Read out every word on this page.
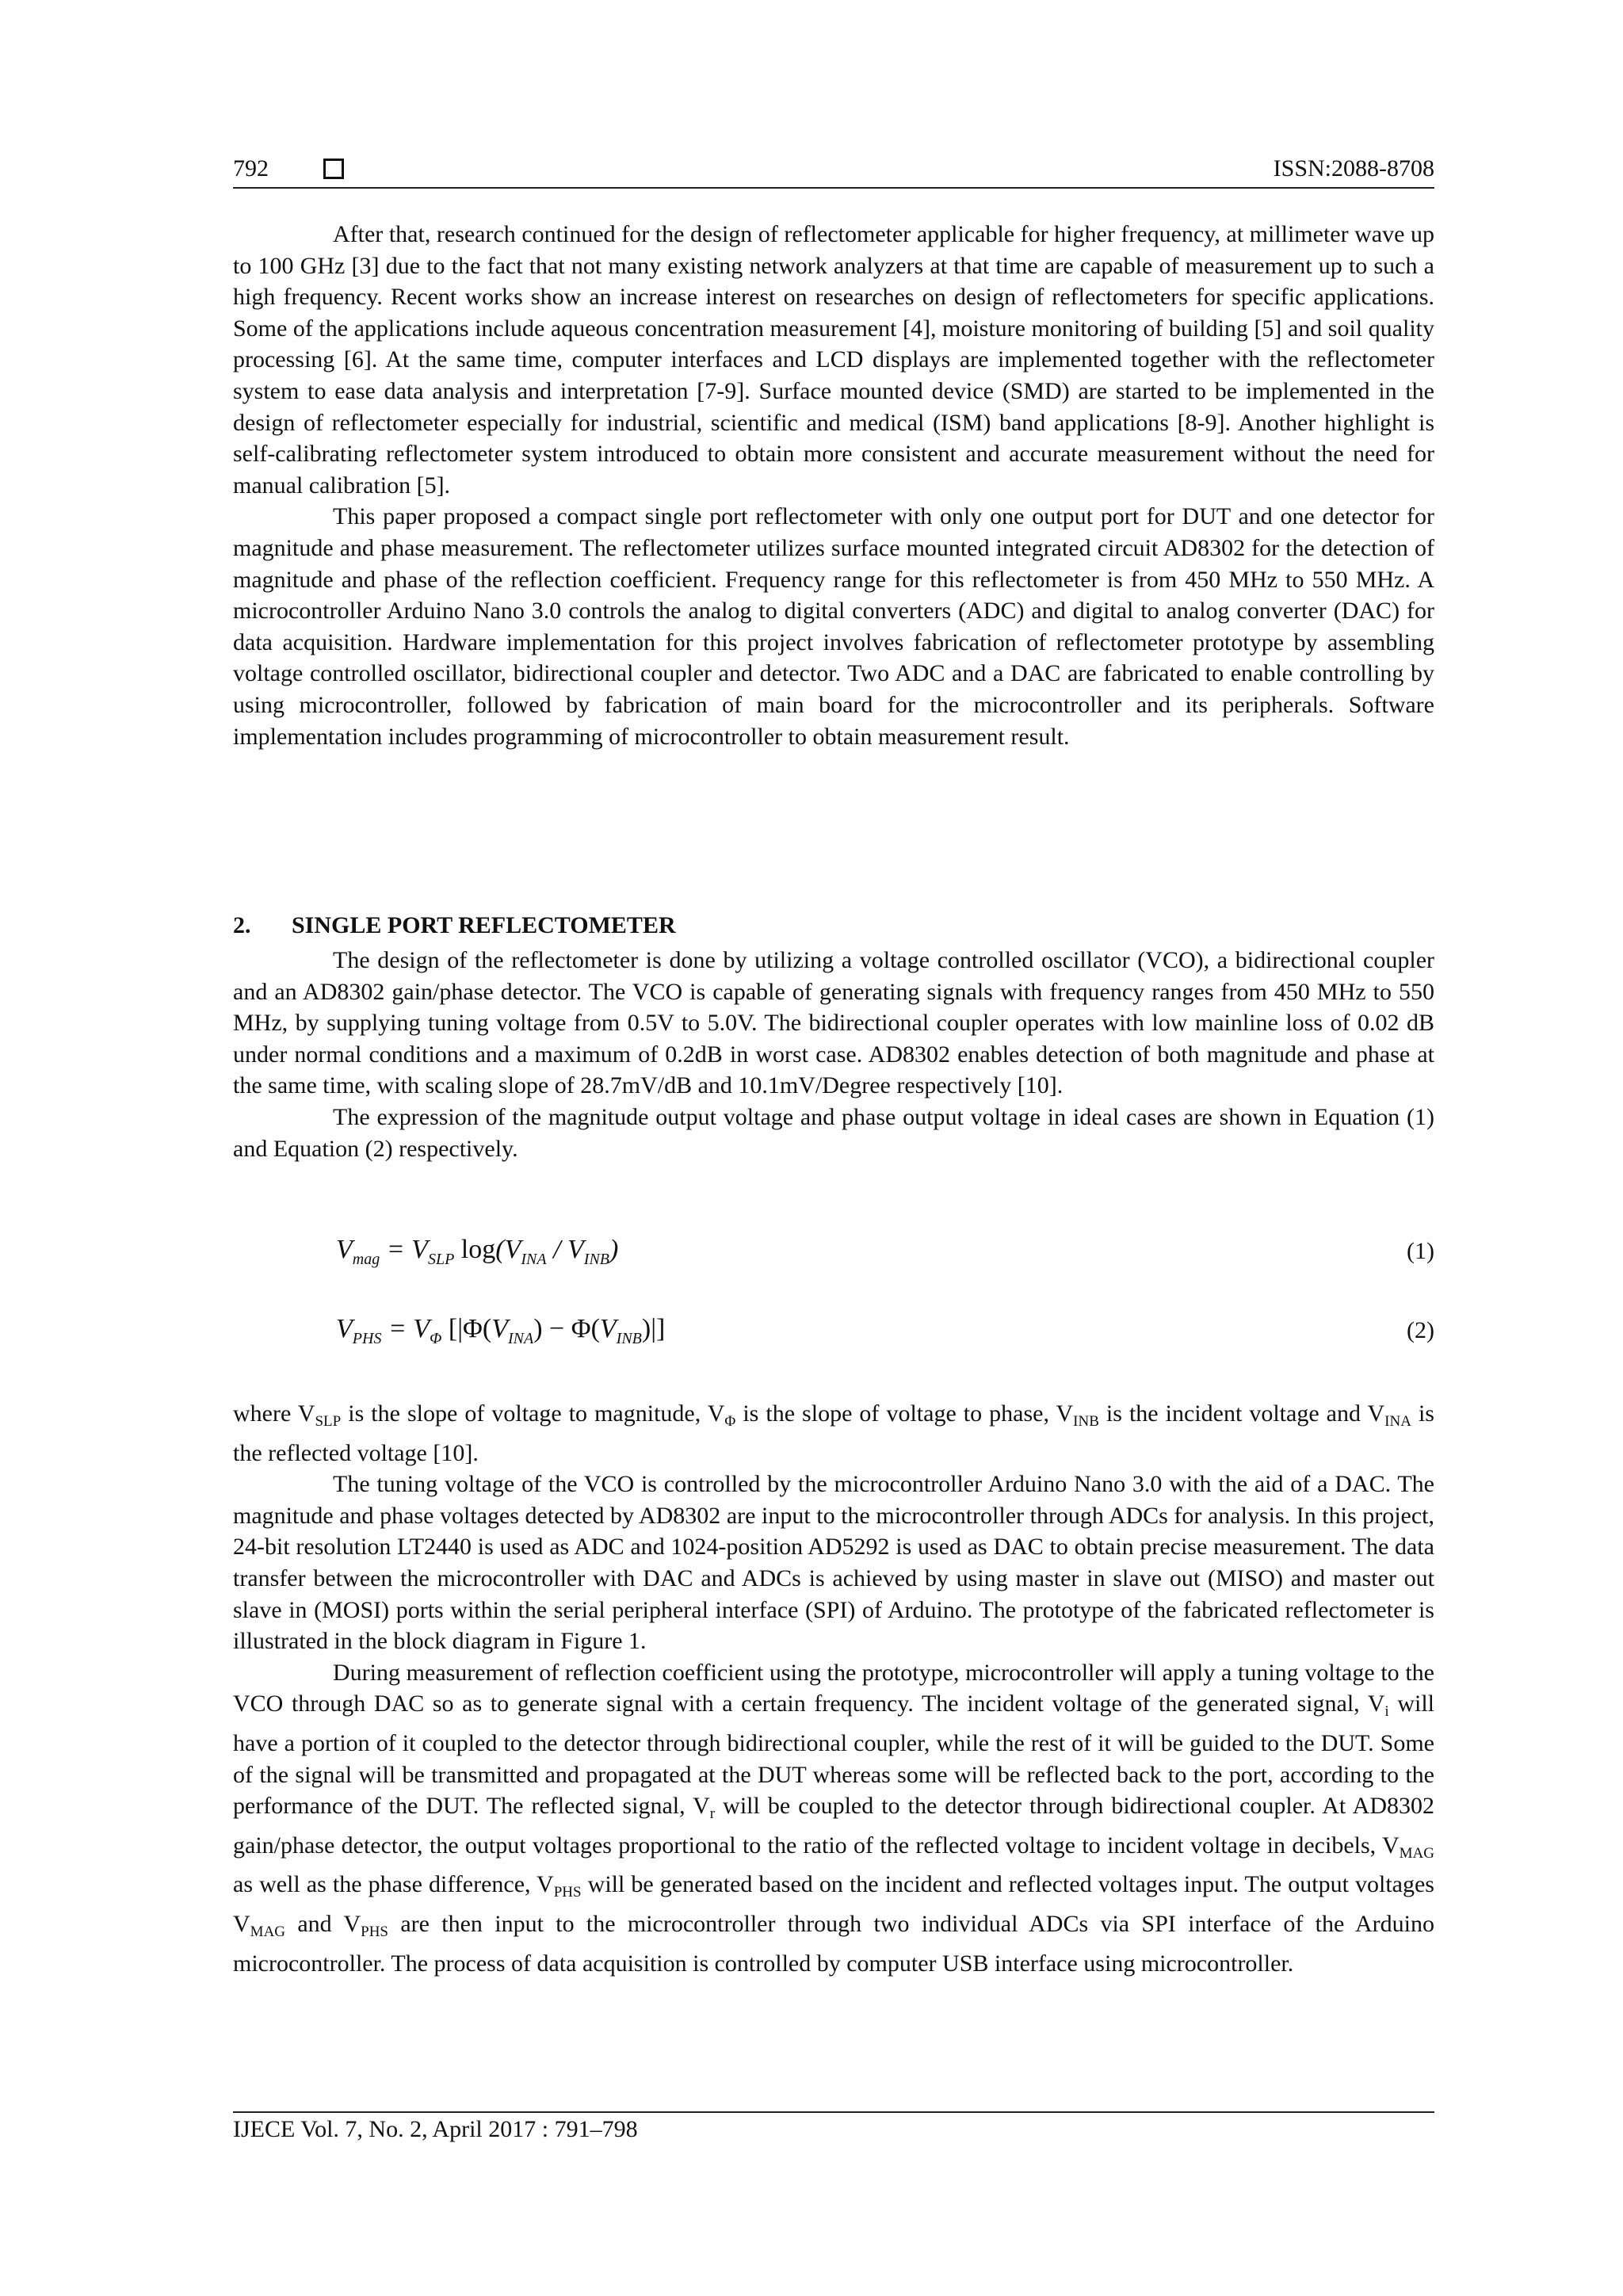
792	ISSN:2088-8708

After that, research continued for the design of reflectometer applicable for higher frequency, at millimeter wave up to 100 GHz [3] due to the fact that not many existing network analyzers at that time are capable of measurement up to such a high frequency. Recent works show an increase interest on researches on design of reflectometers for specific applications. Some of the applications include aqueous concentration measurement [4], moisture monitoring of building [5] and soil quality processing [6]. At the same time, computer interfaces and LCD displays are implemented together with the reflectometer system to ease data analysis and interpretation [7-9]. Surface mounted device (SMD) are started to be implemented in the design of reflectometer especially for industrial, scientific and medical (ISM) band applications [8-9]. Another highlight is self-calibrating reflectometer system introduced to obtain more consistent and accurate measurement without the need for manual calibration [5].

This paper proposed a compact single port reflectometer with only one output port for DUT and one detector for magnitude and phase measurement. The reflectometer utilizes surface mounted integrated circuit AD8302 for the detection of magnitude and phase of the reflection coefficient. Frequency range for this reflectometer is from 450 MHz to 550 MHz. A microcontroller Arduino Nano 3.0 controls the analog to digital converters (ADC) and digital to analog converter (DAC) for data acquisition. Hardware implementation for this project involves fabrication of reflectometer prototype by assembling voltage controlled oscillator, bidirectional coupler and detector. Two ADC and a DAC are fabricated to enable controlling by using microcontroller, followed by fabrication of main board for the microcontroller and its peripherals. Software implementation includes programming of microcontroller to obtain measurement result.

2. SINGLE PORT REFLECTOMETER

The design of the reflectometer is done by utilizing a voltage controlled oscillator (VCO), a bidirectional coupler and an AD8302 gain/phase detector. The VCO is capable of generating signals with frequency ranges from 450 MHz to 550 MHz, by supplying tuning voltage from 0.5V to 5.0V. The bidirectional coupler operates with low mainline loss of 0.02 dB under normal conditions and a maximum of 0.2dB in worst case. AD8302 enables detection of both magnitude and phase at the same time, with scaling slope of 28.7mV/dB and 10.1mV/Degree respectively [10].

The expression of the magnitude output voltage and phase output voltage in ideal cases are shown in Equation (1) and Equation (2) respectively.

$V_{mag} = V_{SLP}$ $\log(V_{INA} / V_{INB})$	(1)
$V_{PHS} = V_\Phi$ $[|\Phi(V_{INA}) - \Phi(V_{INB})|]$	(2)

where $V_{SLP}$ is the slope of voltage to magnitude, $V_\Phi$ is the slope of voltage to phase, $V_{INB}$ is the incident voltage and $V_{INA}$ is the reflected voltage [10].

The tuning voltage of the VCO is controlled by the microcontroller Arduino Nano 3.0 with the aid of a DAC. The magnitude and phase voltages detected by AD8302 are input to the microcontroller through ADCs for analysis. In this project, 24-bit resolution LT2440 is used as ADC and 1024-position AD5292 is used as DAC to obtain precise measurement. The data transfer between the microcontroller with DAC and ADCs is achieved by using master in slave out (MISO) and master out slave in (MOSI) ports within the serial peripheral interface (SPI) of Arduino. The prototype of the fabricated reflectometer is illustrated in the block diagram in Figure 1.

During measurement of reflection coefficient using the prototype, microcontroller will apply a tuning voltage to the VCO through DAC so as to generate signal with a certain frequency. The incident voltage of the generated signal, $V_i$ will have a portion of it coupled to the detector through bidirectional coupler, while the rest of it will be guided to the DUT. Some of the signal will be transmitted and propagated at the DUT whereas some will be reflected back to the port, according to the performance of the DUT. The reflected signal, $V_r$ will be coupled to the detector through bidirectional coupler. At AD8302 gain/phase detector, the output voltages proportional to the ratio of the reflected voltage to incident voltage in decibels, $V_{MAG}$ as well as the phase difference, $V_{PHS}$ will be generated based on the incident and reflected voltages input. The output voltages $V_{MAG}$ and $V_{PHS}$ are then input to the microcontroller through two individual ADCs via SPI interface of the Arduino microcontroller. The process of data acquisition is controlled by computer USB interface using microcontroller.

IJECE Vol. 7, No. 2, April 2017 : 791–798
